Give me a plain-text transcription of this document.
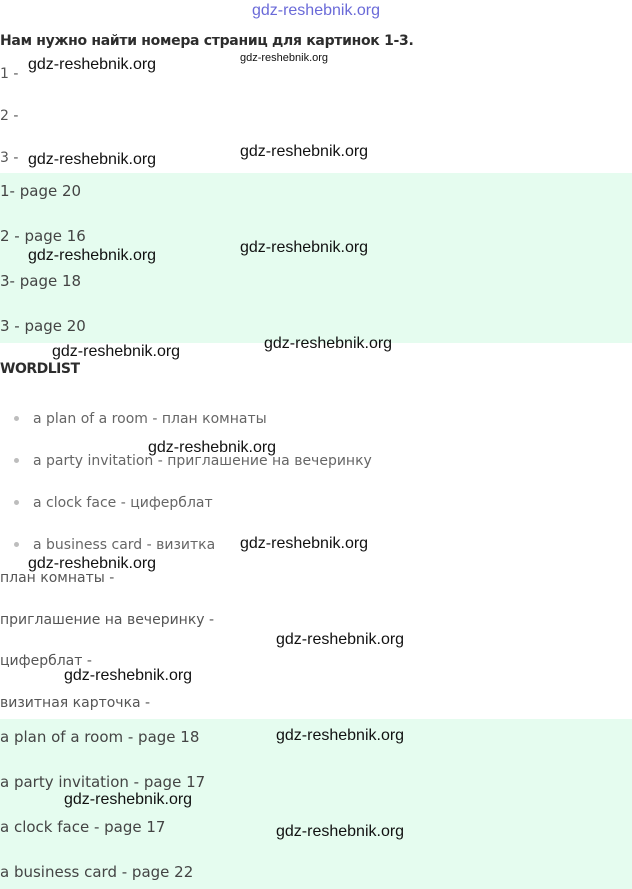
gdz-reshebnik.org
Нам нужно найти номера страниц для картинок 1-3.
1 -
2 -
3 -
1- page 20
2 - page 16
3- page 18
3 - page 20
WORDLIST
a plan of a room - план комнаты
a party invitation - приглашение на вечеринку
a clock face - циферблат
a business card - визитка
план комнаты -
приглашение на вечеринку -
циферблат -
визитная карточка -
a plan of a room - page 18
a party invitation - page 17
a clock face - page 17
a business card - page 22
gdz-reshebnik.org	gdz-reshebnik.org
gdz-reshebnik.org	gdz-reshebnik.org
gdz-reshebnik.org	gdz-reshebnik.org
gdz-reshebnik.org	gdz-reshebnik.org
gdz-reshebnik.org
gdz-reshebnik.org
gdz-reshebnik.org
gdz-reshebnik.org
gdz-reshebnik.org
gdz-reshebnik.org
gdz-reshebnik.org
gdz-reshebnik.org
